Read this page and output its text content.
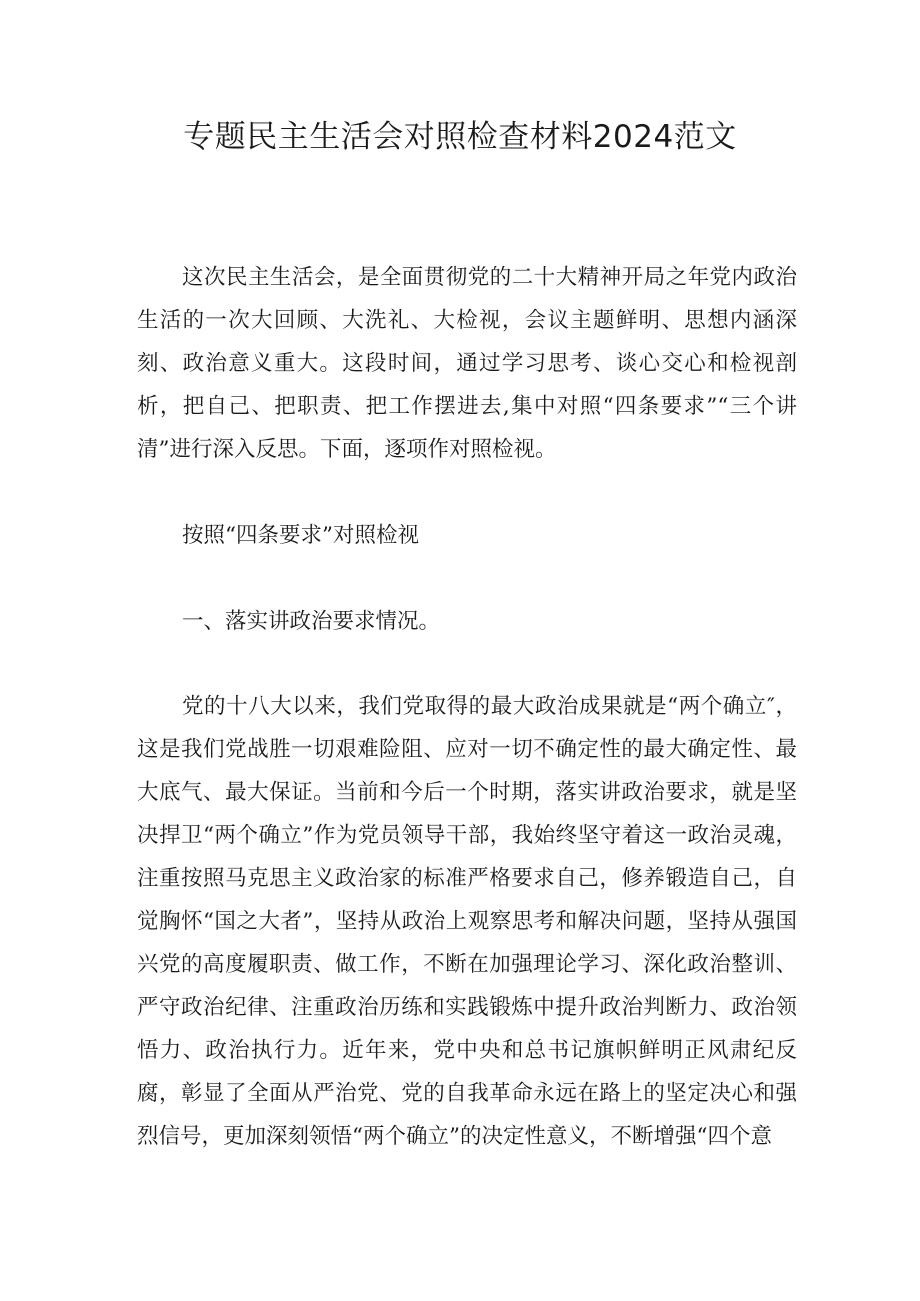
专题民主生活会对照检查材料2024范文

这次民主生活会，是全面贯彻党的二十大精神开局之年党内政治生活的一次大回顾、大洗礼、大检视，会议主题鲜明、思想内涵深刻、政治意义重大。这段时间，通过学习思考、谈心交心和检视剖析，把自己、把职责、把工作摆进去,集中对照“四条要求”“三个讲清”进行深入反思。下面，逐项作对照检视。

按照“四条要求”对照检视

一、落实讲政治要求情况。

党的十八大以来，我们党取得的最大政治成果就是“两个确立″，这是我们党战胜一切艰难险阻、应对一切不确定性的最大确定性、最大底气、最大保证。当前和今后一个时期，落实讲政治要求，就是坚决捍卫“两个确立”作为党员领导干部，我始终坚守着这一政治灵魂，注重按照马克思主义政治家的标准严格要求自己，修养锻造自己，自觉胸怀“国之大者”，坚持从政治上观察思考和解决问题，坚持从强国兴党的高度履职责、做工作，不断在加强理论学习、深化政治整训、严守政治纪律、注重政治历练和实践锻炼中提升政治判断力、政治领悟力、政治执行力。近年来，党中央和总书记旗帜鲜明正风肃纪反腐，彰显了全面从严治党、党的自我革命永远在路上的坚定决心和强烈信号，更加深刻领悟“两个确立”的决定性意义，不断增强“四个意
